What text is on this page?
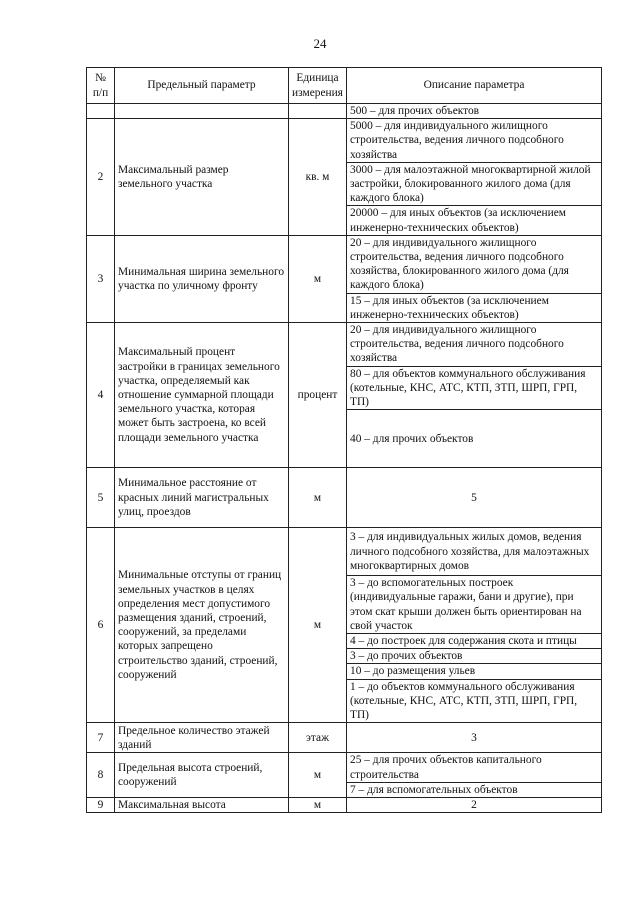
24
№ п/п	Предельный параметр	Единица измерения	Описание параметра
			500 – для прочих объектов
2	Максимальный размер земельного участка	кв. м	5000 – для индивидуального жилищного строительства, ведения личного подсобного хозяйства
			3000 – для малоэтажной многоквартирной жилой застройки, блокированного жилого дома (для каждого блока)
			20000 – для иных объектов (за исключением инженерно-технических объектов)
3	Минимальная ширина земельного участка по уличному фронту	м	20 – для индивидуального жилищного строительства, ведения личного подсобного хозяйства, блокированного жилого дома (для каждого блока)
			15 – для иных объектов (за исключением инженерно-технических объектов)
4	Максимальный процент застройки в границах земельного участка, определяемый как отношение суммарной площади земельного участка, которая может быть застроена, ко всей площади земельного участка	процент	20 – для индивидуального жилищного строительства, ведения личного подсобного хозяйства
			80 – для объектов коммунального обслуживания (котельные, КНС, АТС, КТП, ЗТП, ШРП, ГРП, ТП)
			40 – для прочих объектов
5	Минимальное расстояние от красных линий магистральных улиц, проездов	м	5
6	Минимальные отступы от границ земельных участков в целях определения мест допустимого размещения зданий, строений, сооружений, за пределами которых запрещено строительство зданий, строений, сооружений	м	3 – для индивидуальных жилых домов, ведения личного подсобного хозяйства, для малоэтажных многоквартирных домов
			3 – до вспомогательных построек (индивидуальные гаражи, бани и другие), при этом скат крыши должен быть ориентирован на свой участок
			4 – до построек для содержания скота и птицы
			3 – до прочих объектов
			10 – до размещения ульев
			1 – до объектов коммунального обслуживания (котельные, КНС, АТС, КТП, ЗТП, ШРП, ГРП, ТП)
7	Предельное количество этажей зданий	этаж	3
8	Предельная высота строений, сооружений	м	25 – для прочих объектов капитального строительства
			7 – для вспомогательных объектов
9	Максимальная высота	м	2
